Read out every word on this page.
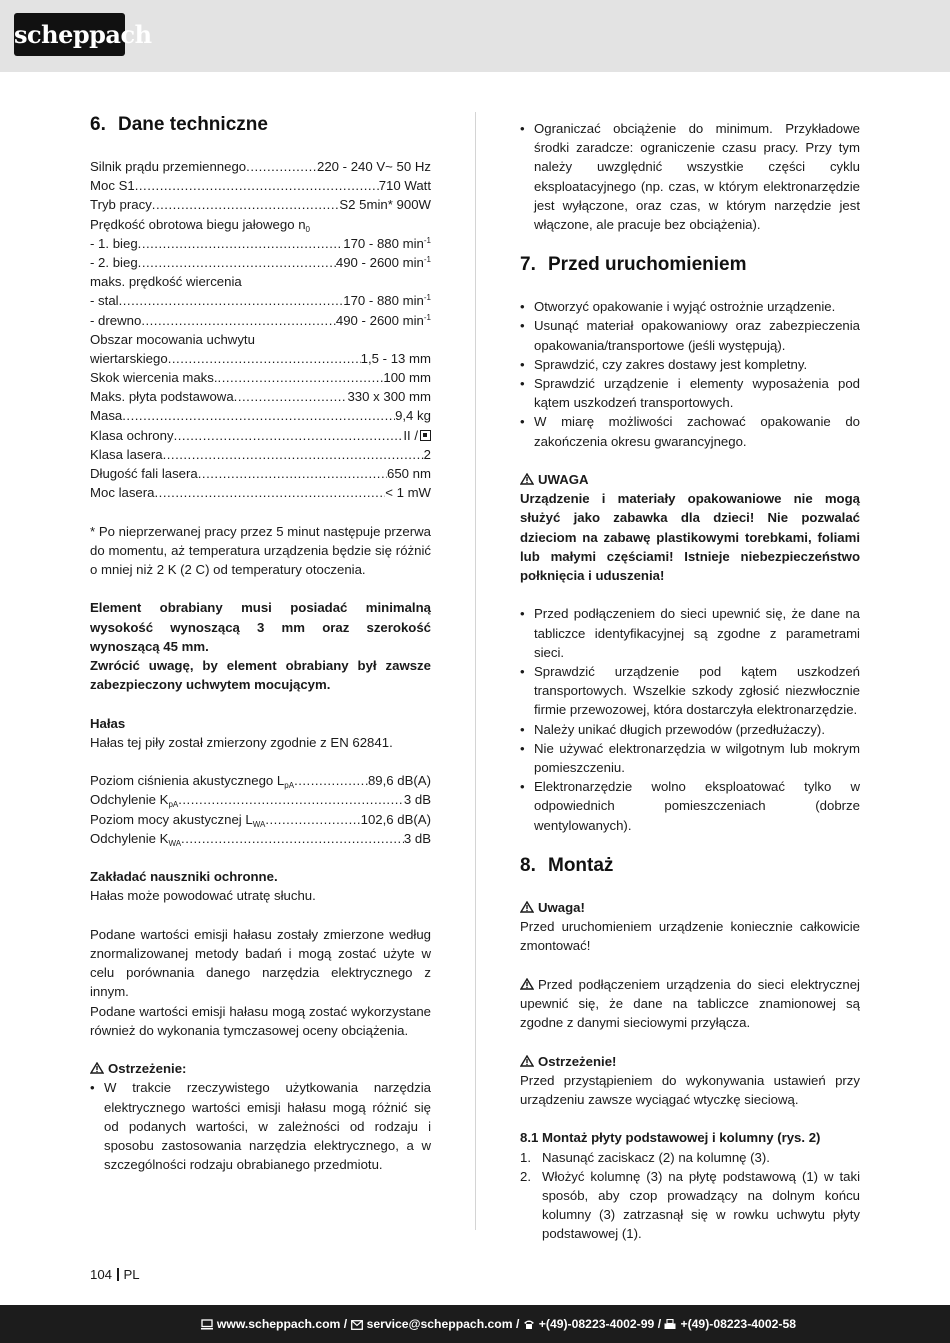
scheppach
6. Dane techniczne
Silnik prądu przemiennego .....	220 - 240 V~ 50 Hz
Moc S1 .....	710 Watt
Tryb pracy .....	S2 5min* 900W
Prędkość obrotowa biegu jałowego $n_0$
- 1. bieg .....	170 - 880 $\min^{-1}$
- 2. bieg .....	490 - 2600 $\min^{-1}$
maks. prędkość wiercenia
- stal .....	170 - 880 $\min^{-1}$
- drewno .....	490 - 2600 $\min^{-1}$
Obszar mocowania uchwytu
wiertarskiego .....	1,5 - 13 mm
Skok wiercenia maks. .....	100 mm
Maks. płyta podstawowa .....	330 x 300 mm
Masa .....	9,4 kg
Klasa ochrony .....	II /
Klasa lasera .....	2
Długość fali lasera .....	650 nm
Moc lasera .....	< 1 mW

* Po nieprzerwanej pracy przez 5 minut następuje przerwa do momentu, aż temperatura urządzenia będzie się różnić o mniej niż 2 K (2 C) od temperatury otoczenia.

Element obrabiany musi posiadać minimalną wysokość wynoszącą 3 mm oraz szerokość wynoszącą 45 mm.

Zwrócić uwagę, by element obrabiany był zawsze zabezpieczony uchwytem mocującym.

Hałas

Hałas tej piły został zmierzony zgodnie z EN 62841.

Poziom ciśnienia akustycznego $L_{pA}$ .....	89,6 dB(A)
Odchylenie $K_{pA}$ .....	3 dB
Poziom mocy akustycznej $L_{WA}$ .....	102,6 dB(A)
Odchylenie $K_{WA}$ .....	3 dB

Zakładać nauszniki ochronne.

Hałas może powodować utratę słuchu.

Podane wartości emisji hałasu zostały zmierzone według znormalizowanej metody badań i mogą zostać użyte w celu porównania danego narzędzia elektrycznego z innym.

Podane wartości emisji hałasu mogą zostać wykorzystane również do wykonania tymczasowej oceny obciążenia.

Ostrzeżenie:

• W trakcie rzeczywistego użytkowania narzędzia elektrycznego wartości emisji hałasu mogą różnić się od podanych wartości, w zależności od rodzaju i sposobu zastosowania narzędzia elektrycznego, a w szczególności rodzaju obrabianego przedmiotu.
• Ograniczać obciążenie do minimum. Przykładowe środki zaradcze: ograniczenie czasu pracy. Przy tym należy uwzględnić wszystkie części cyklu eksploatacyjnego (np. czas, w którym elektronarzędzie jest wyłączone, oraz czas, w którym narzędzie jest włączone, ale pracuje bez obciążenia).
7. Przed uruchomieniem
• Otworzyć opakowanie i wyjąć ostrożnie urządzenie.
• Usunąć materiał opakowaniowy oraz zabezpieczenia opakowania/transportowe (jeśli występują).
• Sprawdzić, czy zakres dostawy jest kompletny.
• Sprawdzić urządzenie i elementy wyposażenia pod kątem uszkodzeń transportowych.
• W miarę możliwości zachować opakowanie do zakończenia okresu gwarancyjnego.

UWAGA

Urządzenie i materiały opakowaniowe nie mogą służyć jako zabawka dla dzieci! Nie pozwalać dzieciom na zabawę plastikowymi torebkami, foliami lub małymi częściami! Istnieje niebezpieczeństwo połknięcia i uduszenia!

• Przed podłączeniem do sieci upewnić się, że dane na tabliczce identyfikacyjnej są zgodne z parametrami sieci.
• Sprawdzić urządzenie pod kątem uszkodzeń transportowych. Wszelkie szkody zgłosić niezwłocznie firmie przewozowej, która dostarczyła elektronarzędzie.
• Należy unikać długich przewodów (przedłużaczy).
• Nie używać elektronarzędzia w wilgotnym lub mokrym pomieszczeniu.
• Elektronarzędzie wolno eksploatować tylko w odpowiednich pomieszczeniach (dobrze wentylowanych).
8. Montaż

Uwaga!

Przed uruchomieniem urządzenie koniecznie całkowicie zmontować!

Przed podłączeniem urządzenia do sieci elektrycznej upewnić się, że dane na tabliczce znamionowej są zgodne z danymi sieciowymi przyłącza.

Ostrzeżenie!

Przed przystąpieniem do wykonywania ustawień przy urządzeniu zawsze wyciągać wtyczkę sieciową.

8.1 Montaż płyty podstawowej i kolumny (rys. 2)

1. Nasunąć zaciskacz (2) na kolumnę (3).
2. Włożyć kolumnę (3) na płytę podstawową (1) w taki sposób, aby czop prowadzący na dolnym końcu kolumny (3) zatrzasnął się w rowku uchwytu płyty podstawowej (1).
104 PL
www.scheppach.com / service@scheppach.com / +(49)-08223-4002-99 / +(49)-08223-4002-58
